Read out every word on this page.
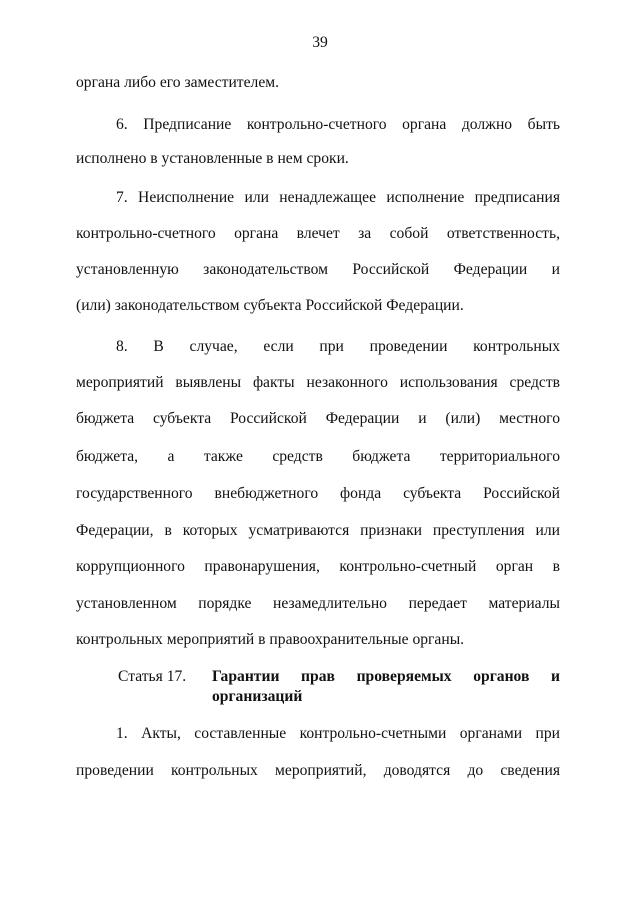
39
органа либо его заместителем.
6. Предписание контрольно-счетного органа должно быть
исполнено в установленные в нем сроки.
7. Неисполнение или ненадлежащее исполнение предписания
контрольно-счетного органа влечет за собой ответственность,
установленную законодательством Российской Федерации и
(или) законодательством субъекта Российской Федерации.
8. В случае, если при проведении контрольных
мероприятий выявлены факты незаконного использования средств
бюджета субъекта Российской Федерации и (или) местного
бюджета, а также средств бюджета территориального
государственного внебюджетного фонда субъекта Российской
Федерации, в которых усматриваются признаки преступления или
коррупционного правонарушения, контрольно-счетный орган в
установленном порядке незамедлительно передает материалы
контрольных мероприятий в правоохранительные органы.
Статья 17. Гарантии прав проверяемых органов и
организаций
1. Акты, составленные контрольно-счетными органами при
проведении контрольных мероприятий, доводятся до сведения
